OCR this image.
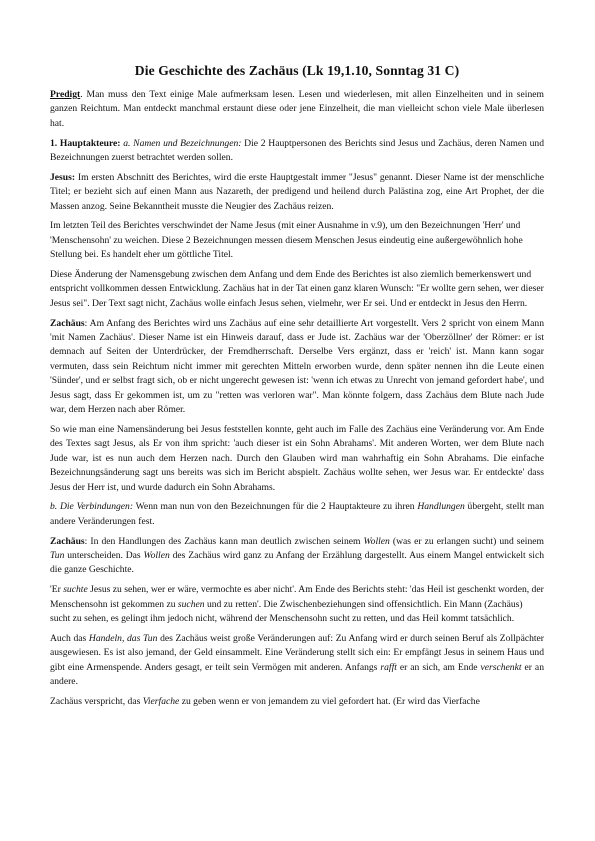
Die Geschichte des Zachäus (Lk 19,1.10, Sonntag 31 C)

Predigt. Man muss den Text einige Male aufmerksam lesen. Lesen und wiederlesen, mit allen Einzelheiten und in seinem ganzen Reichtum. Man entdeckt manchmal erstaunt diese oder jene Einzelheit, die man vielleicht schon viele Male überlesen hat.

1. Hauptakteure: a. Namen und Bezeichnungen: Die 2 Hauptpersonen des Berichts sind Jesus und Zachäus, deren Namen und Bezeichnungen zuerst betrachtet werden sollen.

Jesus: Im ersten Abschnitt des Berichtes, wird die erste Hauptgestalt immer "Jesus" genannt. Dieser Name ist der menschliche Titel; er bezieht sich auf einen Mann aus Nazareth, der predigend und heilend durch Palästina zog, eine Art Prophet, der die Massen anzog. Seine Bekanntheit musste die Neugier des Zachäus reizen.

Im letzten Teil des Berichtes verschwindet der Name Jesus (mit einer Ausnahme in v.9), um den Bezeichnungen 'Herr' und 'Menschensohn' zu weichen. Diese 2 Bezeichnungen messen diesem Menschen Jesus eindeutig eine außergewöhnlich hohe Stellung bei. Es handelt eher um göttliche Titel.

Diese Änderung der Namensgebung zwischen dem Anfang und dem Ende des Berichtes ist also ziemlich bemerkenswert und entspricht vollkommen dessen Entwicklung. Zachäus hat in der Tat einen ganz klaren Wunsch: "Er wollte gern sehen, wer dieser Jesus sei". Der Text sagt nicht, Zachäus wolle einfach Jesus sehen, vielmehr, wer Er sei. Und er entdeckt in Jesus den Herrn.

Zachäus: Am Anfang des Berichtes wird uns Zachäus auf eine sehr detaillierte Art vorgestellt. Vers 2 spricht von einem Mann 'mit Namen Zachäus'. Dieser Name ist ein Hinweis darauf, dass er Jude ist. Zachäus war der 'Oberzöllner' der Römer: er ist demnach auf Seiten der Unterdrücker, der Fremdherrschaft. Derselbe Vers ergänzt, dass er 'reich' ist. Mann kann sogar vermuten, dass sein Reichtum nicht immer mit gerechten Mitteln erworben wurde, denn später nennen ihn die Leute einen 'Sünder', und er selbst fragt sich, ob er nicht ungerecht gewesen ist: 'wenn ich etwas zu Unrecht von jemand gefordert habe', und Jesus sagt, dass Er gekommen ist, um zu "retten was verloren war". Man könnte folgern, dass Zachäus dem Blute nach Jude war, dem Herzen nach aber Römer.

So wie man eine Namensänderung bei Jesus feststellen konnte, geht auch im Falle des Zachäus eine Veränderung vor. Am Ende des Textes sagt Jesus, als Er von ihm spricht: 'auch dieser ist ein Sohn Abrahams'. Mit anderen Worten, wer dem Blute nach Jude war, ist es nun auch dem Herzen nach. Durch den Glauben wird man wahrhaftig ein Sohn Abrahams. Die einfache Bezeichnungsänderung sagt uns bereits was sich im Bericht abspielt. Zachäus wollte sehen, wer Jesus war. Er entdeckte' dass Jesus der Herr ist, und wurde dadurch ein Sohn Abrahams.

b. Die Verbindungen: Wenn man nun von den Bezeichnungen für die 2 Hauptakteure zu ihren Handlungen übergeht, stellt man andere Veränderungen fest.

Zachäus: In den Handlungen des Zachäus kann man deutlich zwischen seinem Wollen (was er zu erlangen sucht) und seinem Tun unterscheiden. Das Wollen des Zachäus wird ganz zu Anfang der Erzählung dargestellt. Aus einem Mangel entwickelt sich die ganze Geschichte.

'Er suchte Jesus zu sehen, wer er wäre, vermochte es aber nicht'. Am Ende des Berichts steht: 'das Heil ist geschenkt worden, der Menschensohn ist gekommen zu suchen und zu retten'. Die Zwischenbeziehungen sind offensichtlich. Ein Mann (Zachäus) sucht zu sehen, es gelingt ihm jedoch nicht, während der Menschensohn sucht zu retten, und das Heil kommt tatsächlich.

Auch das Handeln, das Tun des Zachäus weist große Veränderungen auf: Zu Anfang wird er durch seinen Beruf als Zollpächter ausgewiesen. Es ist also jemand, der Geld einsammelt. Eine Veränderung stellt sich ein: Er empfängt Jesus in seinem Haus und gibt eine Armenspende. Anders gesagt, er teilt sein Vermögen mit anderen. Anfangs rafft er an sich, am Ende verschenkt er an andere.

Zachäus verspricht, das Vierfache zu geben wenn er von jemandem zu viel gefordert hat. (Er wird das Vierfache
